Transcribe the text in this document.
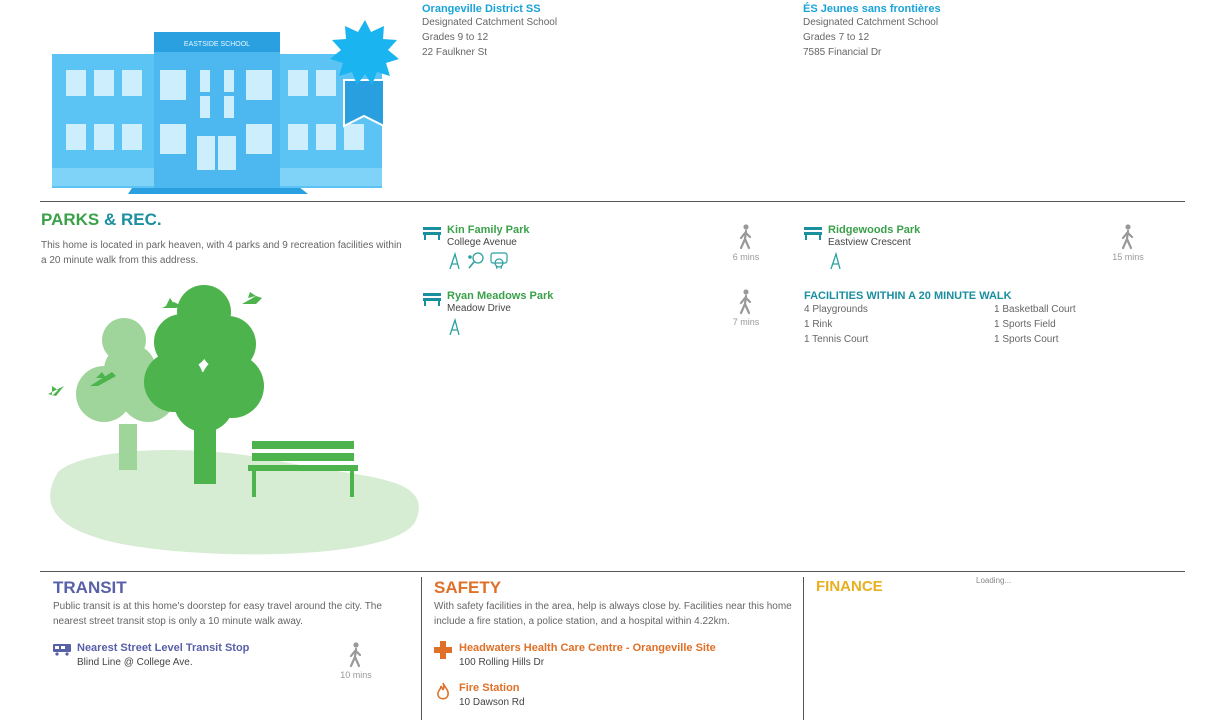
EASTSIDE SCHOOL
Orangeville District SS
Designated Catchment School
Grades 9 to 12
22 Faulkner St
ÉS Jeunes sans frontières
Designated Catchment School
Grades 7 to 12
7585 Financial Dr
PARKS & REC.
This home is located in park heaven, with 4 parks and 9 recreation facilities within a 20 minute walk from this address.
Kin Family Park
College Avenue

6 mins
Ridgewoods Park
Eastview Crescent
15 mins
Ryan Meadows Park
Meadow Drive
7 mins
FACILITIES WITHIN A 20 MINUTE WALK
4 Playgrounds
1 Rink
1 Tennis Court
1 Basketball Court
1 Sports Field
1 Sports Court
TRANSIT
Public transit is at this home's doorstep for easy travel around the city. The nearest street transit stop is only a 10 minute walk away.
Nearest Street Level Transit Stop
Blind Line @ College Ave.
10 mins
SAFETY
With safety facilities in the area, help is always close by. Facilities near this home include a fire station, a police station, and a hospital within 4.22km.
Headwaters Health Care Centre - Orangeville Site
100 Rolling Hills Dr
Fire Station
10 Dawson Rd
FINANCE	Loading...
